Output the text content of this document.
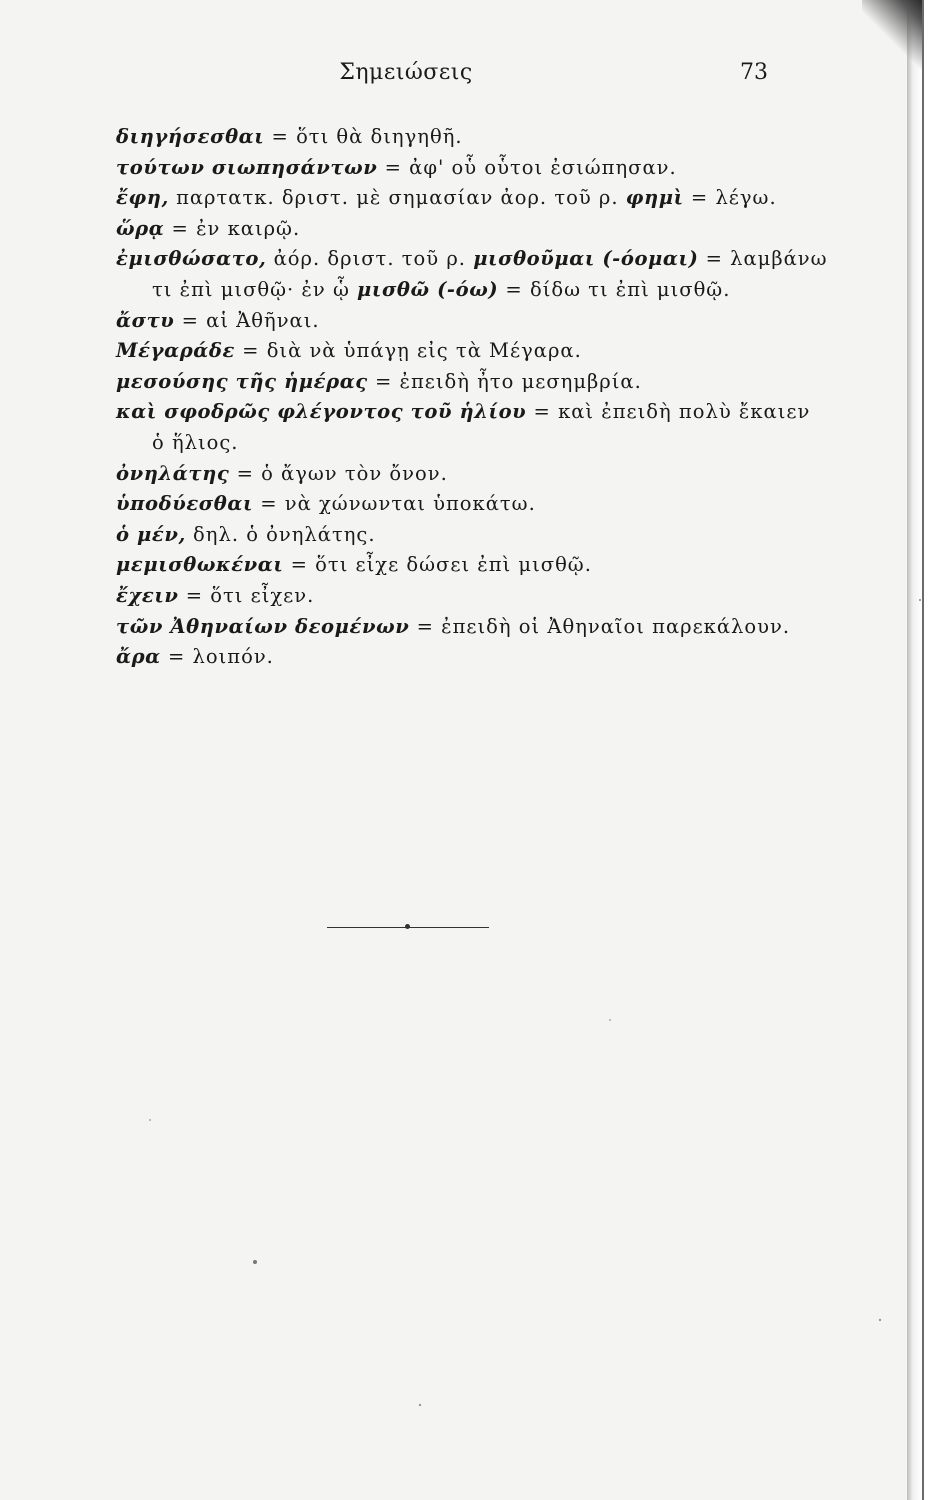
Σημειώσεις	73
διηγήσεσθαι = ὅτι θὰ διηγηθῆ.
τούτων σιωπησάντων = ἀφ' οὗ οὗτοι ἐσιώπησαν.
ἔφη, παρτατκ. δριστ. μὲ σημασίαν ἀορ. τοῦ ρ. φημὶ = λέγω.
ὥρᾳ = ἐν καιρῷ.
ἐμισθώσατο, ἀόρ. δριστ. τοῦ ρ. μισθοῦμαι (-όομαι) = λαμβάνω
τι ἐπὶ μισθῷ· ἐν ᾧ μισθῶ (-όω) = δίδω τι ἐπὶ μισθῷ.
ἄστυ = αἱ Ἀθῆναι.
Μέγαράδε = διὰ νὰ ὑπάγῃ εἰς τὰ Μέγαρα.
μεσούσης τῆς ἡμέρας = ἐπειδὴ ἦτο μεσημβρία.
καὶ σφοδρῶς φλέγοντος τοῦ ἡλίου = καὶ ἐπειδὴ πολὺ ἔκαιεν
ὁ ἥλιος.
ὀνηλάτης = ὁ ἄγων τὸν ὄνον.
ὑποδύεσθαι = νὰ χώνωνται ὑποκάτω.
ὁ μέν, δηλ. ὁ ὀνηλάτης.
μεμισθωκέναι = ὅτι εἶχε δώσει ἐπὶ μισθῷ.
ἔχειν = ὅτι εἶχεν.
τῶν Ἀθηναίων δεομένων = ἐπειδὴ οἱ Ἀθηναῖοι παρεκάλουν.
ἄρα = λοιπόν.
